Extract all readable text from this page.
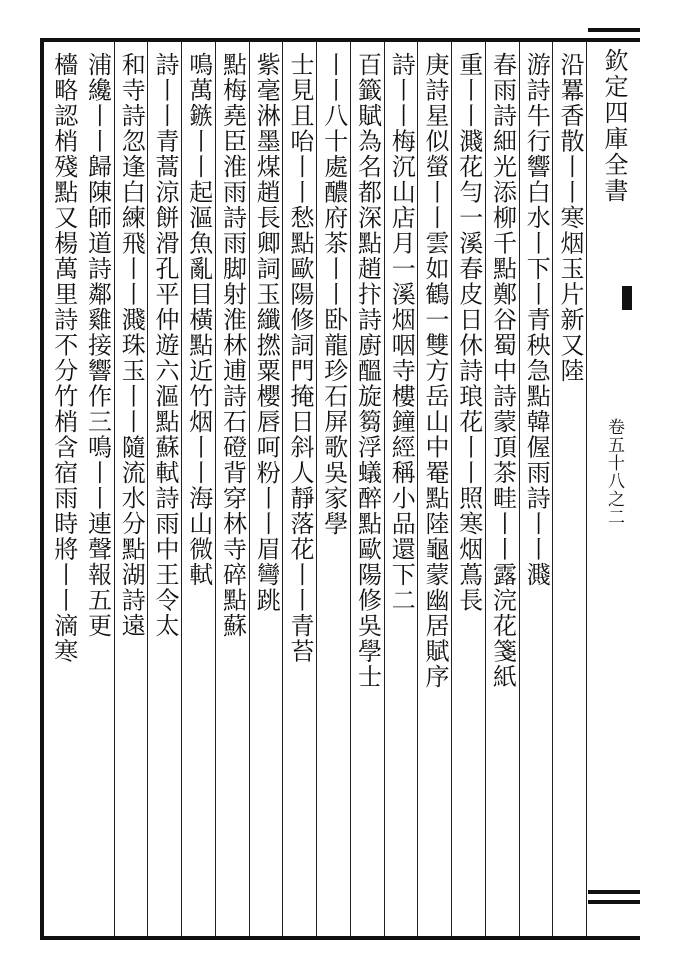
欽定四庫全書
卷五十八之二
沿羃香散丨丨寒烟玉片新又陸
游詩牛行響白水丨下丨青秧急點韓偓雨詩丨丨濺
春雨詩細光添柳千點鄭谷蜀中詩蒙頂茶畦丨丨露浣花箋紙
重丨丨濺花勻一溪春皮日休詩琅花丨丨照寒烟蔦長
庚詩星似螢丨丨雲如鶴一雙方岳山中罨點陸龜蒙幽居賦序
詩丨丨梅沉山店月一溪烟咽寺樓鐘經稱小品還下二
百籤賦為名都深點趙抃詩廚醞旋篘浮蟻醉點歐陽修吳學士
丨丨八十處醲府茶丨丨卧龍珍石屏歌吳家學
士見且咍丨丨愁點歐陽修詞門掩日斜人靜落花丨丨青苔
紫毫淋墨煤趙長卿詞玉纖撚粟櫻唇呵粉丨丨眉彎跳
點梅堯臣淮雨詩雨脚射淮林逋詩石磴背穿林寺碎點蘇
鳴萬鏃丨丨起漚魚亂目橫點近竹烟丨丨海山微軾
詩丨丨青蒿涼餅滑孔平仲遊六漚點蘇軾詩雨中王令太
和寺詩忽逢白練飛丨丨濺珠玉丨丨隨流水分點湖詩遠
浦纔丨丨歸陳師道詩鄰雞接響作三鳴丨丨連聲報五更
檣略認梢殘點又楊萬里詩不分竹梢含宿雨時將丨丨滴寒
